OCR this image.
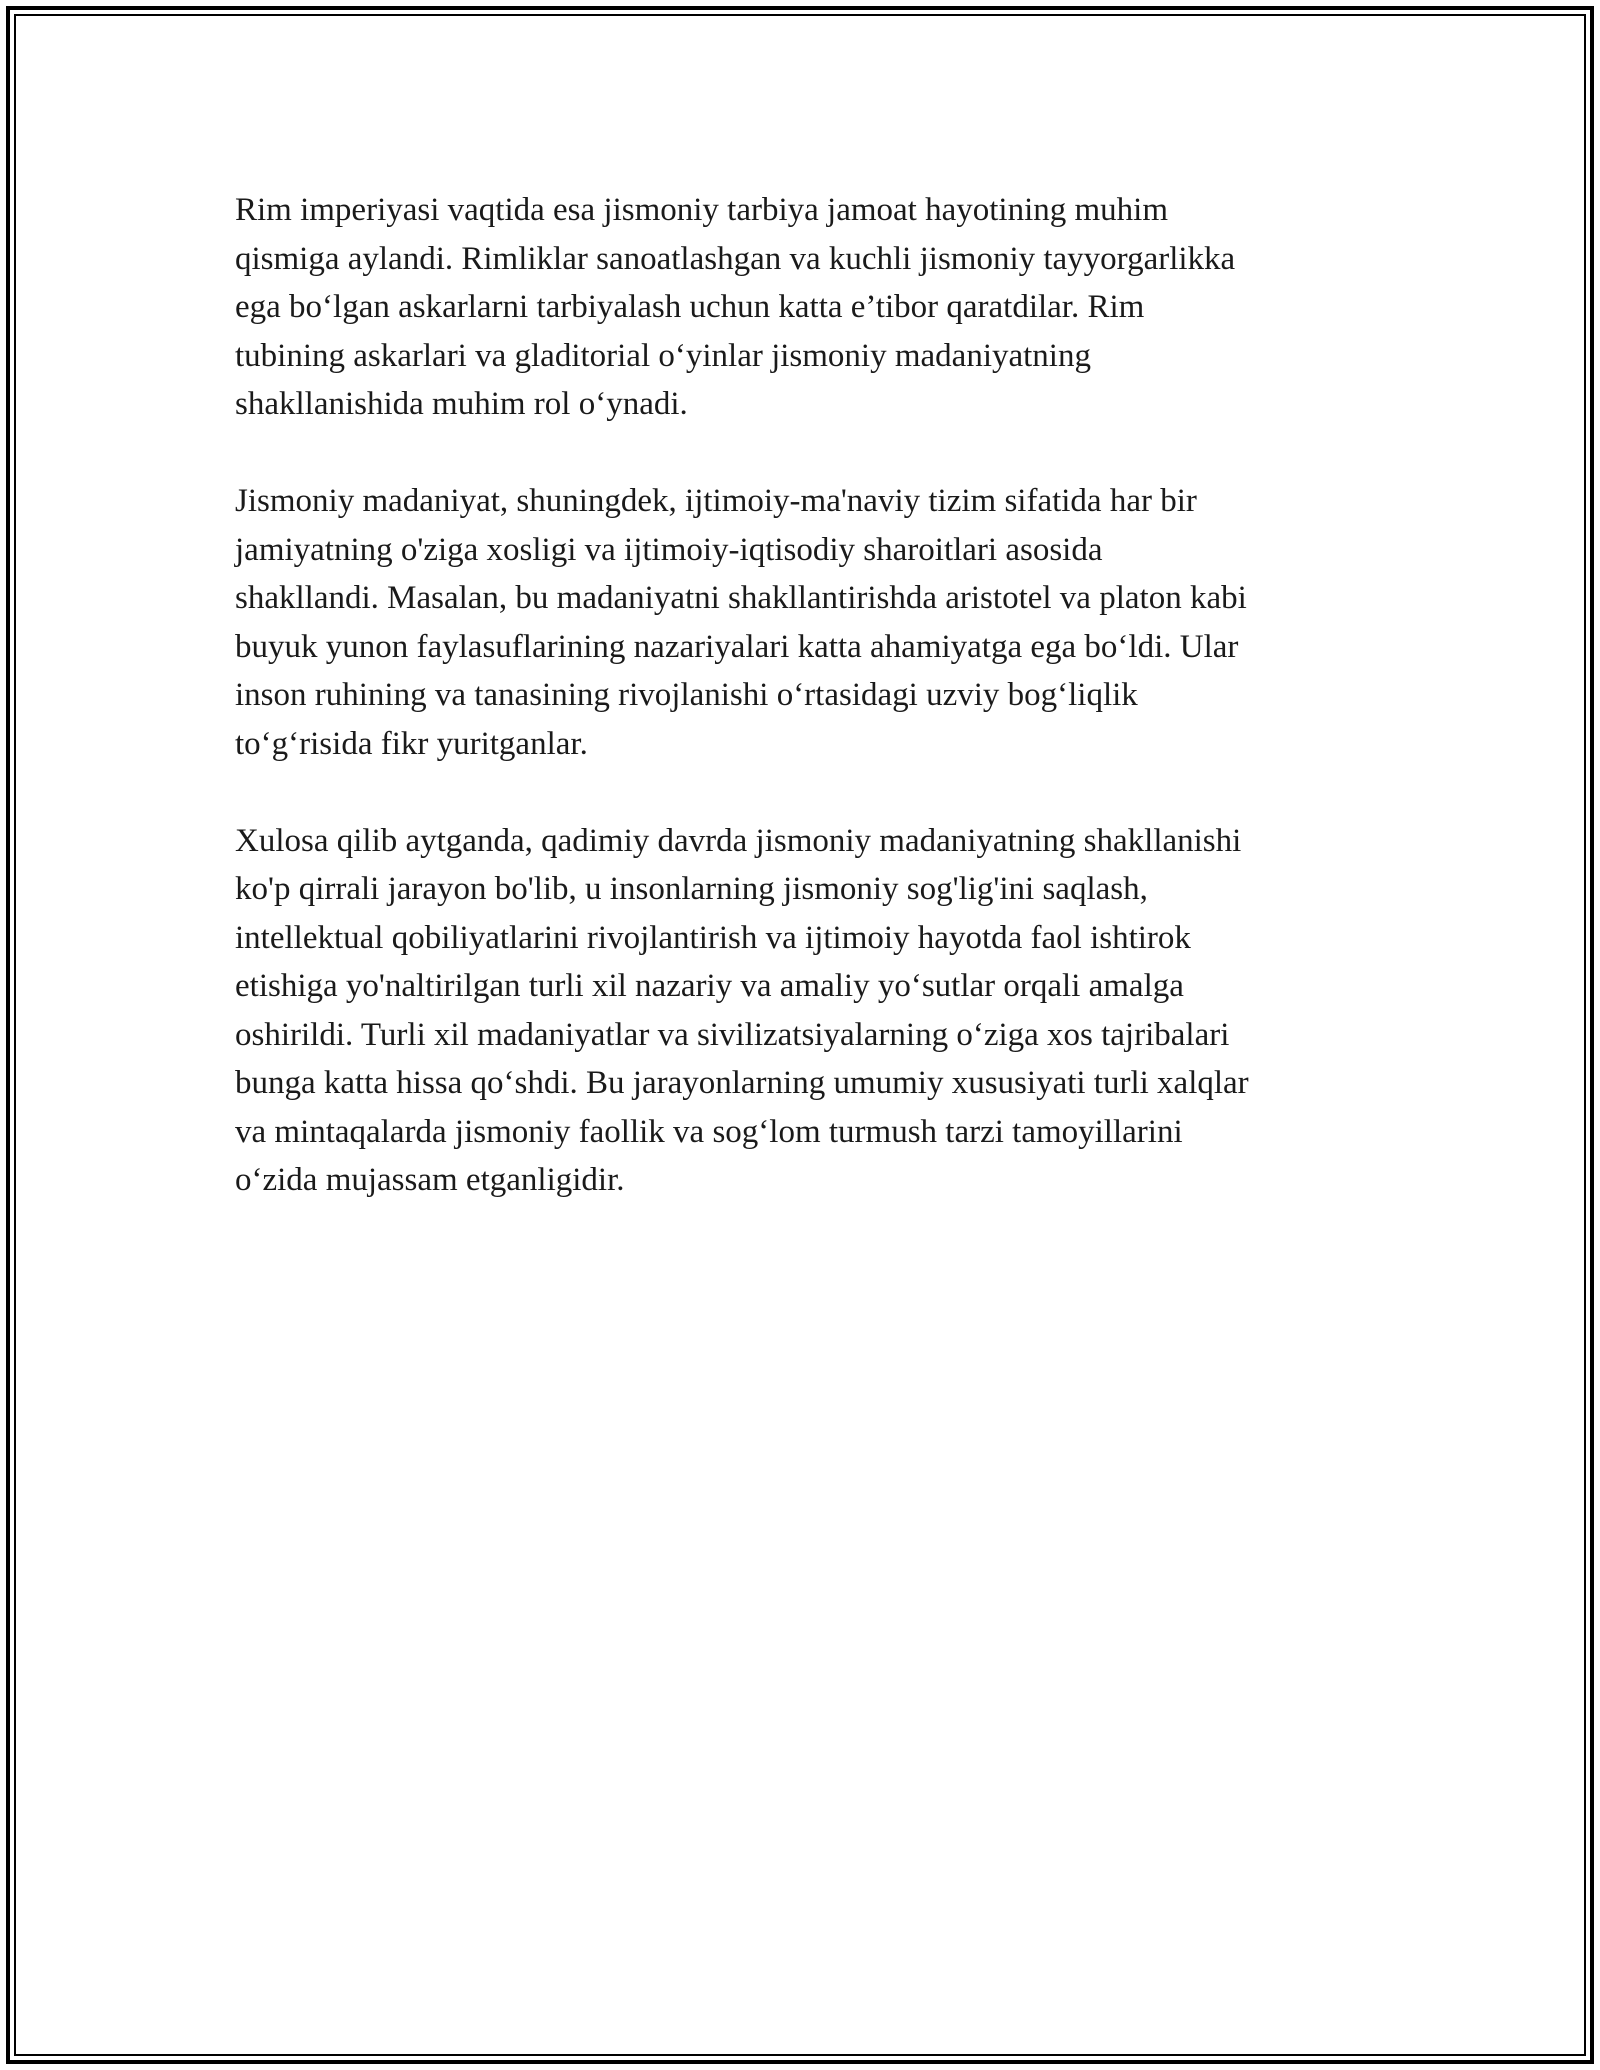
Rim imperiyasi vaqtida esa jismoniy tarbiya jamoat hayotining muhim
qismiga aylandi. Rimliklar sanoatlashgan va kuchli jismoniy tayyorgarlikka
ega bo‘lgan askarlarni tarbiyalash uchun katta e’tibor qaratdilar. Rim
tubining askarlari va gladitorial o‘yinlar jismoniy madaniyatning
shakllanishida muhim rol o‘ynadi.

Jismoniy madaniyat, shuningdek, ijtimoiy-ma'naviy tizim sifatida har bir
jamiyatning o'ziga xosligi va ijtimoiy-iqtisodiy sharoitlari asosida
shakllandi. Masalan, bu madaniyatni shakllantirishda aristotel va platon kabi
buyuk yunon faylasuflarining nazariyalari katta ahamiyatga ega bo‘ldi. Ular
inson ruhining va tanasining rivojlanishi o‘rtasidagi uzviy bog‘liqlik
to‘g‘risida fikr yuritganlar.

Xulosa qilib aytganda, qadimiy davrda jismoniy madaniyatning shakllanishi
ko'p qirrali jarayon bo'lib, u insonlarning jismoniy sog'lig'ini saqlash,
intellektual qobiliyatlarini rivojlantirish va ijtimoiy hayotda faol ishtirok
etishiga yo'naltirilgan turli xil nazariy va amaliy yo‘sutlar orqali amalga
oshirildi. Turli xil madaniyatlar va sivilizatsiyalarning o‘ziga xos tajribalari
bunga katta hissa qo‘shdi. Bu jarayonlarning umumiy xususiyati turli xalqlar
va mintaqalarda jismoniy faollik va sog‘lom turmush tarzi tamoyillarini
o‘zida mujassam etganligidir.
